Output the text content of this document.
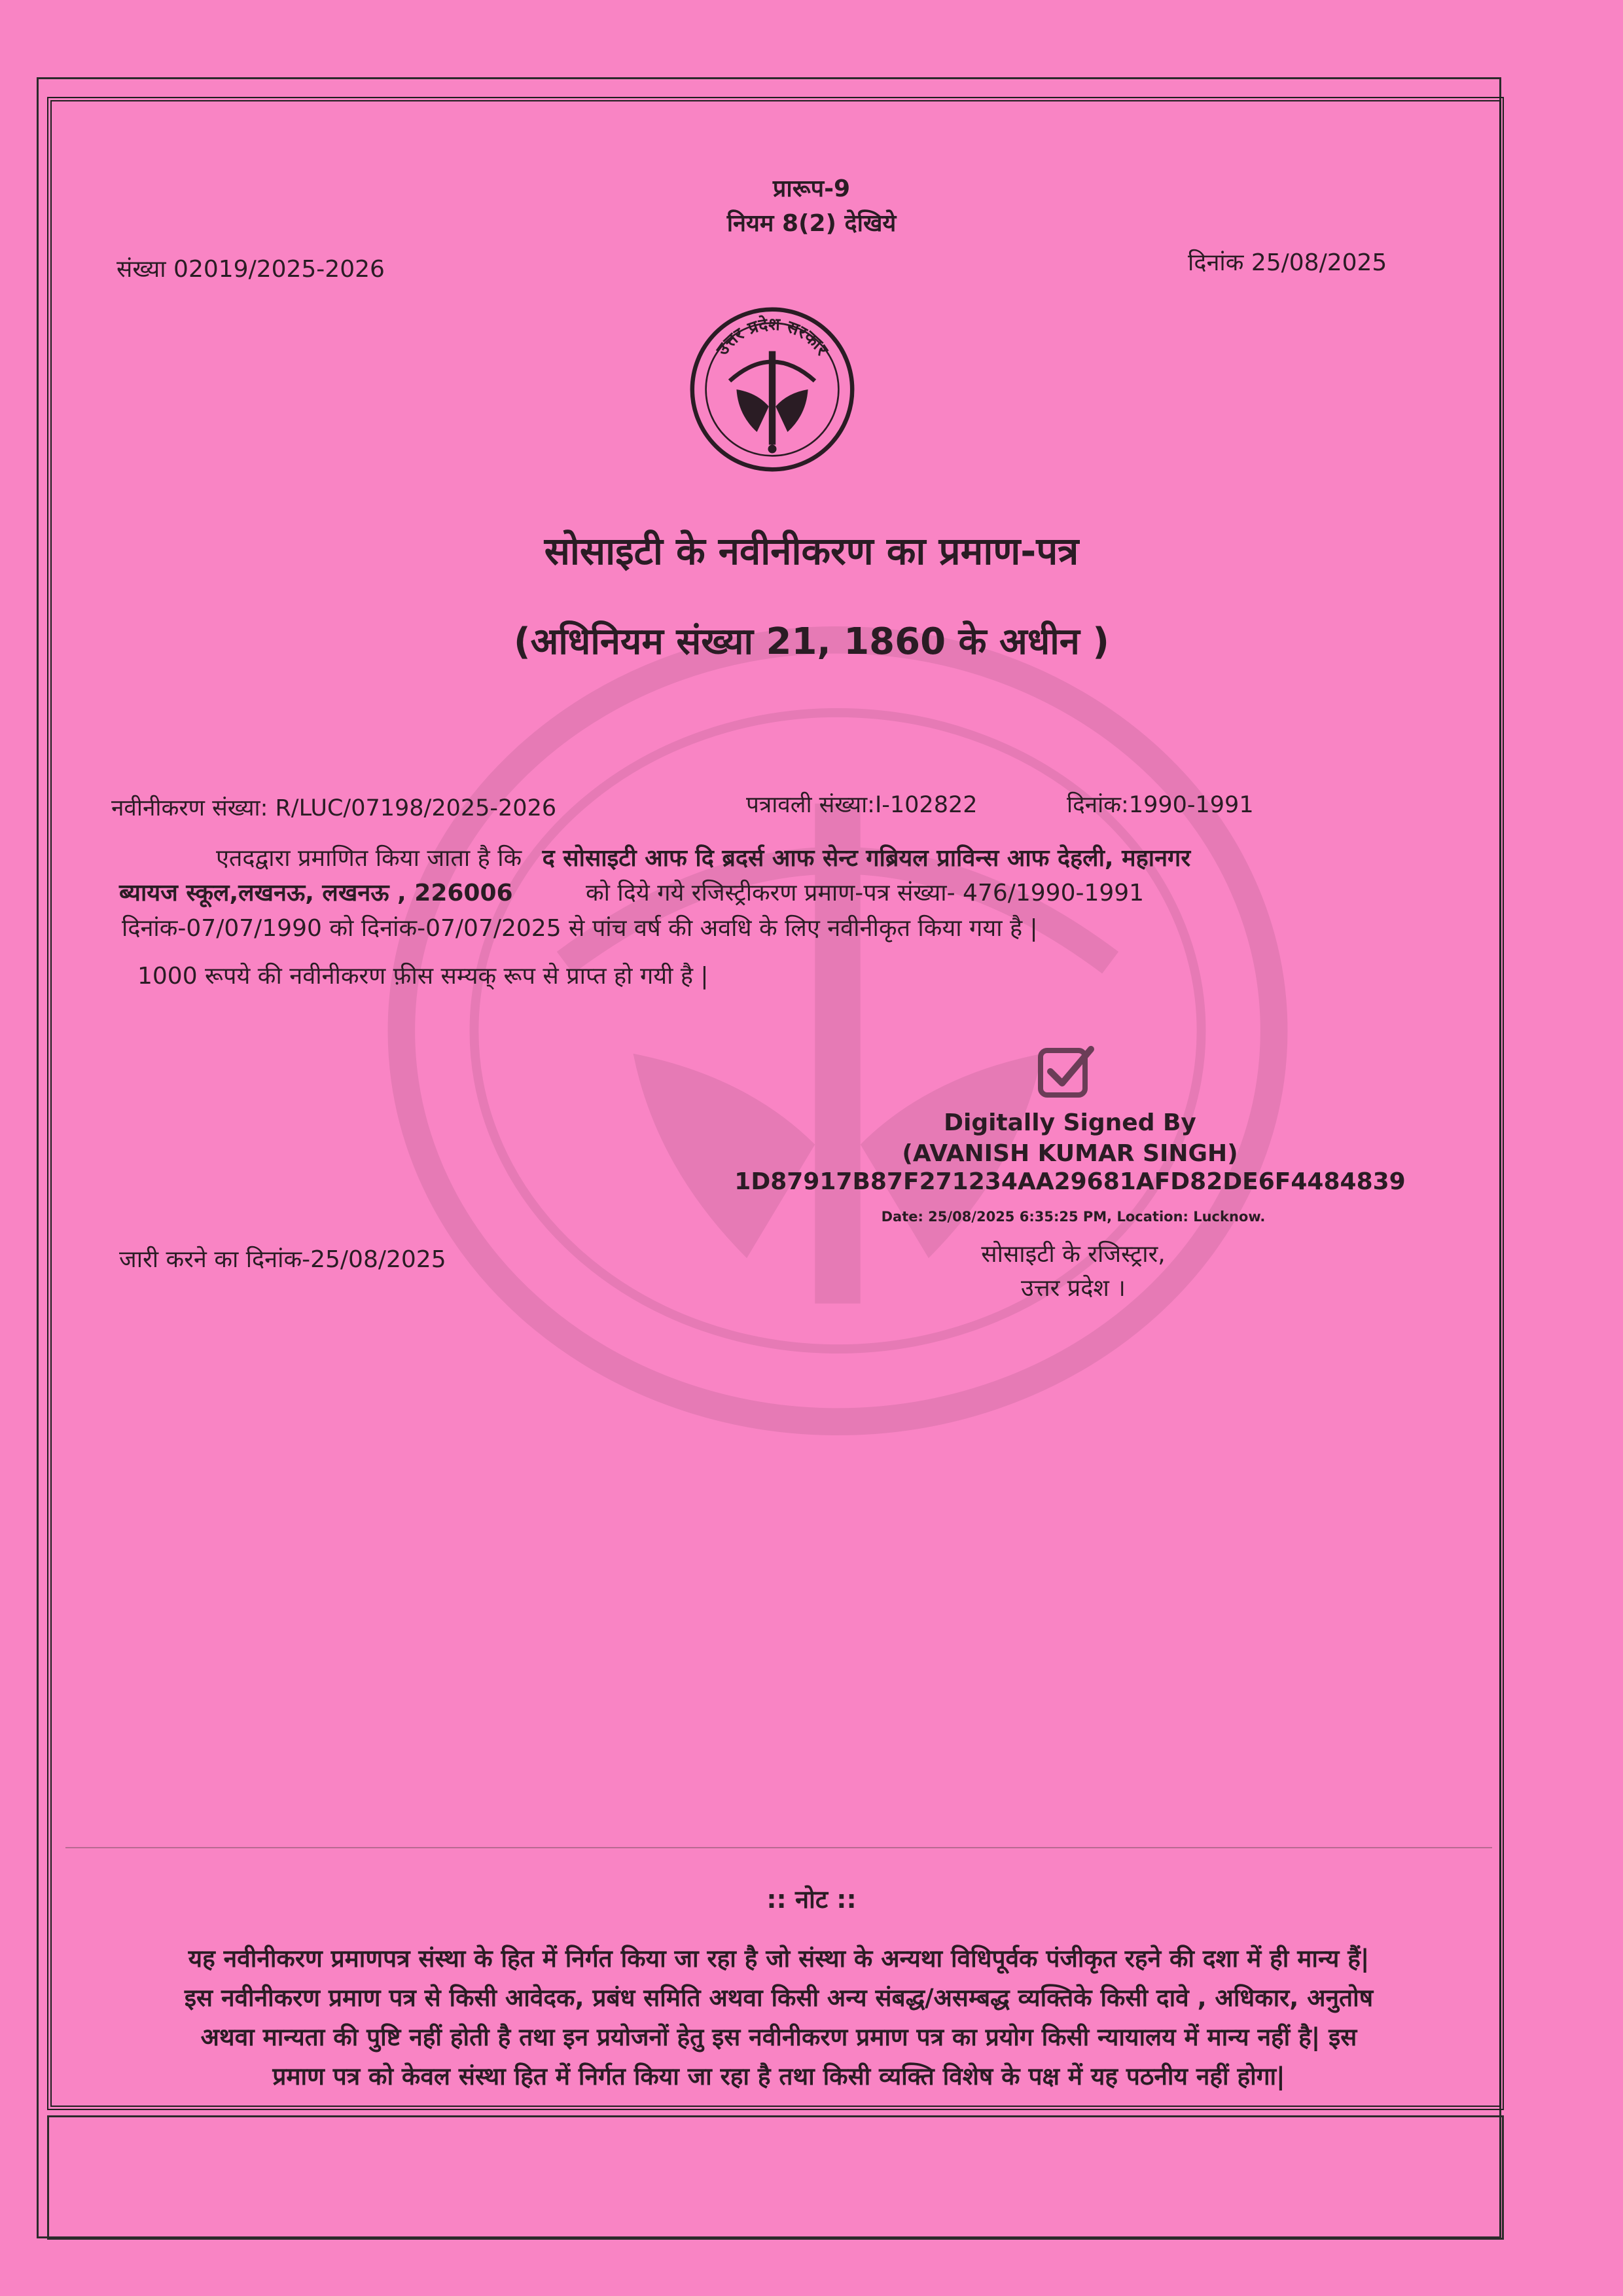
प्रारूप-9
नियम 8(2) देखिये
संख्या 02019/2025-2026	दिनांक 25/08/2025
उत्तर प्रदेश सरकार
सोसाइटी के नवीनीकरण का प्रमाण-पत्र
(अधिनियम संख्या 21, 1860 के अधीन )
नवीनीकरण संख्या: R/LUC/07198/2025-2026	पत्रावली संख्या:I-102822	दिनांक:1990-1991
एतदद्वारा प्रमाणित किया जाता है कि द सोसाइटी आफ दि ब्रदर्स आफ सेन्ट गब्रियल प्राविन्स आफ देहली, महानगर
ब्यायज स्कूल,लखनऊ, लखनऊ , 226006	को दिये गये रजिस्ट्रीकरण प्रमाण-पत्र संख्या- 476/1990-1991
दिनांक-07/07/1990 को दिनांक-07/07/2025 से पांच वर्ष की अवधि के लिए नवीनीकृत किया गया है |
1000 रूपये की नवीनीकरण फ़ीस सम्यक् रूप से प्राप्त हो गयी है |
Digitally Signed By
(AVANISH KUMAR SINGH)
1D87917B87F271234AA29681AFD82DE6F4484839
Date: 25/08/2025 6:35:25 PM, Location: Lucknow.
सोसाइटी के रजिस्ट्रार,
उत्तर प्रदेश ।
जारी करने का दिनांक-25/08/2025
:: नोट ::
यह नवीनीकरण प्रमाणपत्र संस्था के हित में निर्गत किया जा रहा है जो संस्था के अन्यथा विधिपूर्वक पंजीकृत रहने की दशा में ही मान्य हैं|
इस नवीनीकरण प्रमाण पत्र से किसी आवेदक, प्रबंध समिति अथवा किसी अन्य संबद्ध/असम्बद्ध व्यक्तिके किसी दावे , अधिकार, अनुतोष
अथवा मान्यता की पुष्टि नहीं होती है तथा इन प्रयोजनों हेतु इस नवीनीकरण प्रमाण पत्र का प्रयोग किसी न्यायालय में मान्य नहीं है| इस
प्रमाण पत्र को केवल संस्था हित में निर्गत किया जा रहा है तथा किसी व्यक्ति विशेष के पक्ष में यह पठनीय नहीं होगा|
